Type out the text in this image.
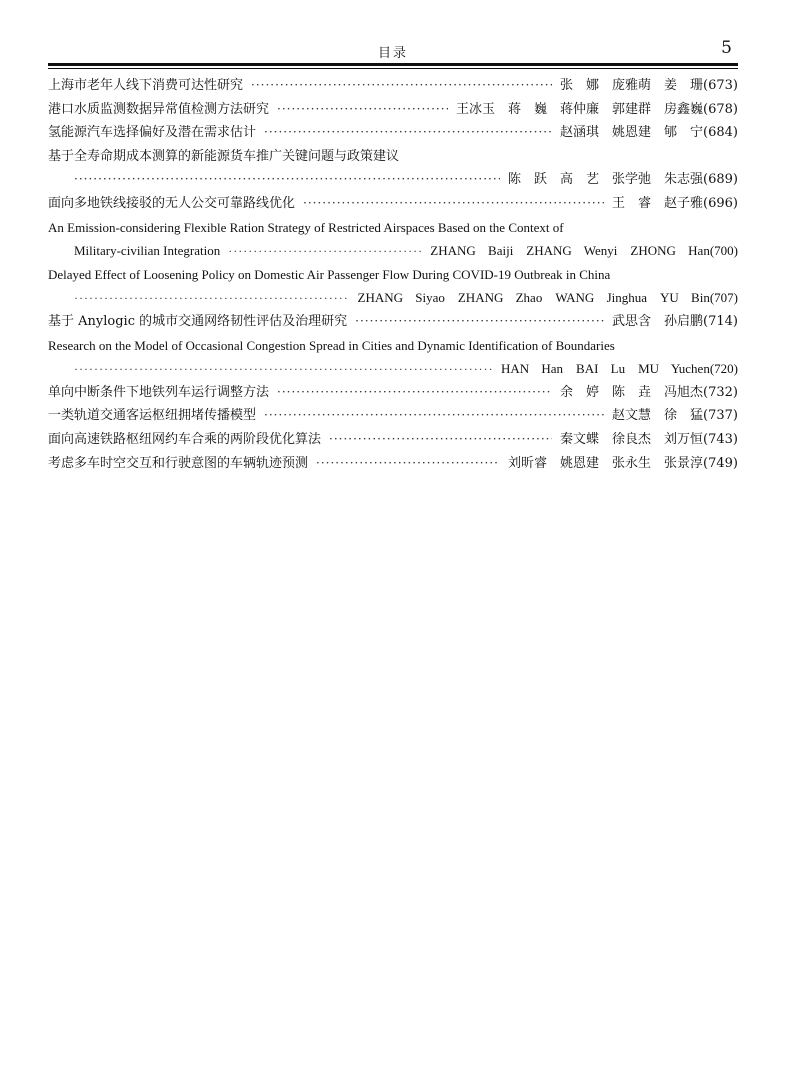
目录	5
上海市老年人线下消费可达性研究 ·····	张　娜　庞雅萌　姜　珊 (673)
港口水质监测数据异常值检测方法研究 ·····	王冰玉　蒋　巍　蒋仲廉　郭建群　房鑫巍 (678)
氢能源汽车选择偏好及潜在需求估计 ·····	赵涵琪　姚恩建　郇　宁 (684)
基于全寿命期成本测算的新能源货车推广关键问题与政策建议
·····
陈　跃　高　艺　张学弛　朱志强 (689)
面向多地铁线接驳的无人公交可靠路线优化 ·····	王　睿　赵子雅 (696)
An Emission-considering Flexible Ration Strategy of Restricted Airspaces Based on the Context of
Military-civilian Integration ·····	ZHANG Baiji　ZHANG Wenyi　ZHONG Han (700)
Delayed Effect of Loosening Policy on Domestic Air Passenger Flow During COVID-19 Outbreak in China
·····
ZHANG Siyao　ZHANG Zhao　WANG Jinghua　YU Bin (707)
基于 Anylogic 的城市交通网络韧性评估及治理研究 ·····	武思含　孙启鹏 (714)
Research on the Model of Occasional Congestion Spread in Cities and Dynamic Identification of Boundaries
·····
HAN Han　BAI Lu　MU Yuchen (720)
单向中断条件下地铁列车运行调整方法 ·····	余　婷　陈　垚　冯旭杰 (732)
一类轨道交通客运枢纽拥堵传播模型 ·····	赵文慧　徐　猛 (737)
面向高速铁路枢纽网约车合乘的两阶段优化算法 ·····	秦文蝶　徐良杰　刘万恒 (743)
考虑多车时空交互和行驶意图的车辆轨迹预测 ·····	刘昕睿　姚恩建　张永生　张景淳 (749)
